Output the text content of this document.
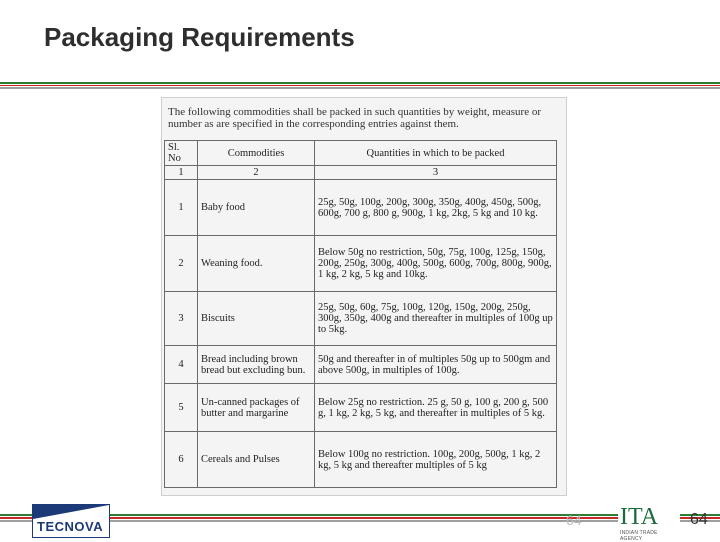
Packaging Requirements
The following commodities shall be packed in such quantities by weight, measure or number as are specified in the corresponding entries against them.
Sl. No	Commodities	Quantities in which to be packed
1	2	3
1	Baby food	25g, 50g, 100g, 200g, 300g, 350g, 400g, 450g, 500g, 600g, 700 g, 800 g, 900g, 1 kg, 2kg, 5 kg and 10 kg.
2	Weaning food.	Below 50g no restriction, 50g, 75g, 100g, 125g, 150g, 200g, 250g, 300g, 400g, 500g, 600g, 700g, 800g, 900g, 1 kg, 2 kg, 5 kg and 10kg.
3	Biscuits	25g, 50g, 60g, 75g, 100g, 120g, 150g, 200g, 250g, 300g, 350g, 400g and thereafter in multiples of 100g up to 5kg.
4	Bread including brown bread but excluding bun.	50g and thereafter in of multiples 50g up to 500gm and above 500g, in multiples of 100g.
5	Un-canned packages of butter and margarine	Below 25g no restriction. 25 g, 50 g, 100 g, 200 g, 500 g, 1 kg, 2 kg, 5 kg, and thereafter in multiples of 5 kg.
6	Cereals and Pulses	Below 100g no restriction. 100g, 200g, 500g, 1 kg, 2 kg, 5 kg and thereafter multiples of 5 kg
TECNOVA	64 ITA
INDIAN TRADE AGENCY
64
